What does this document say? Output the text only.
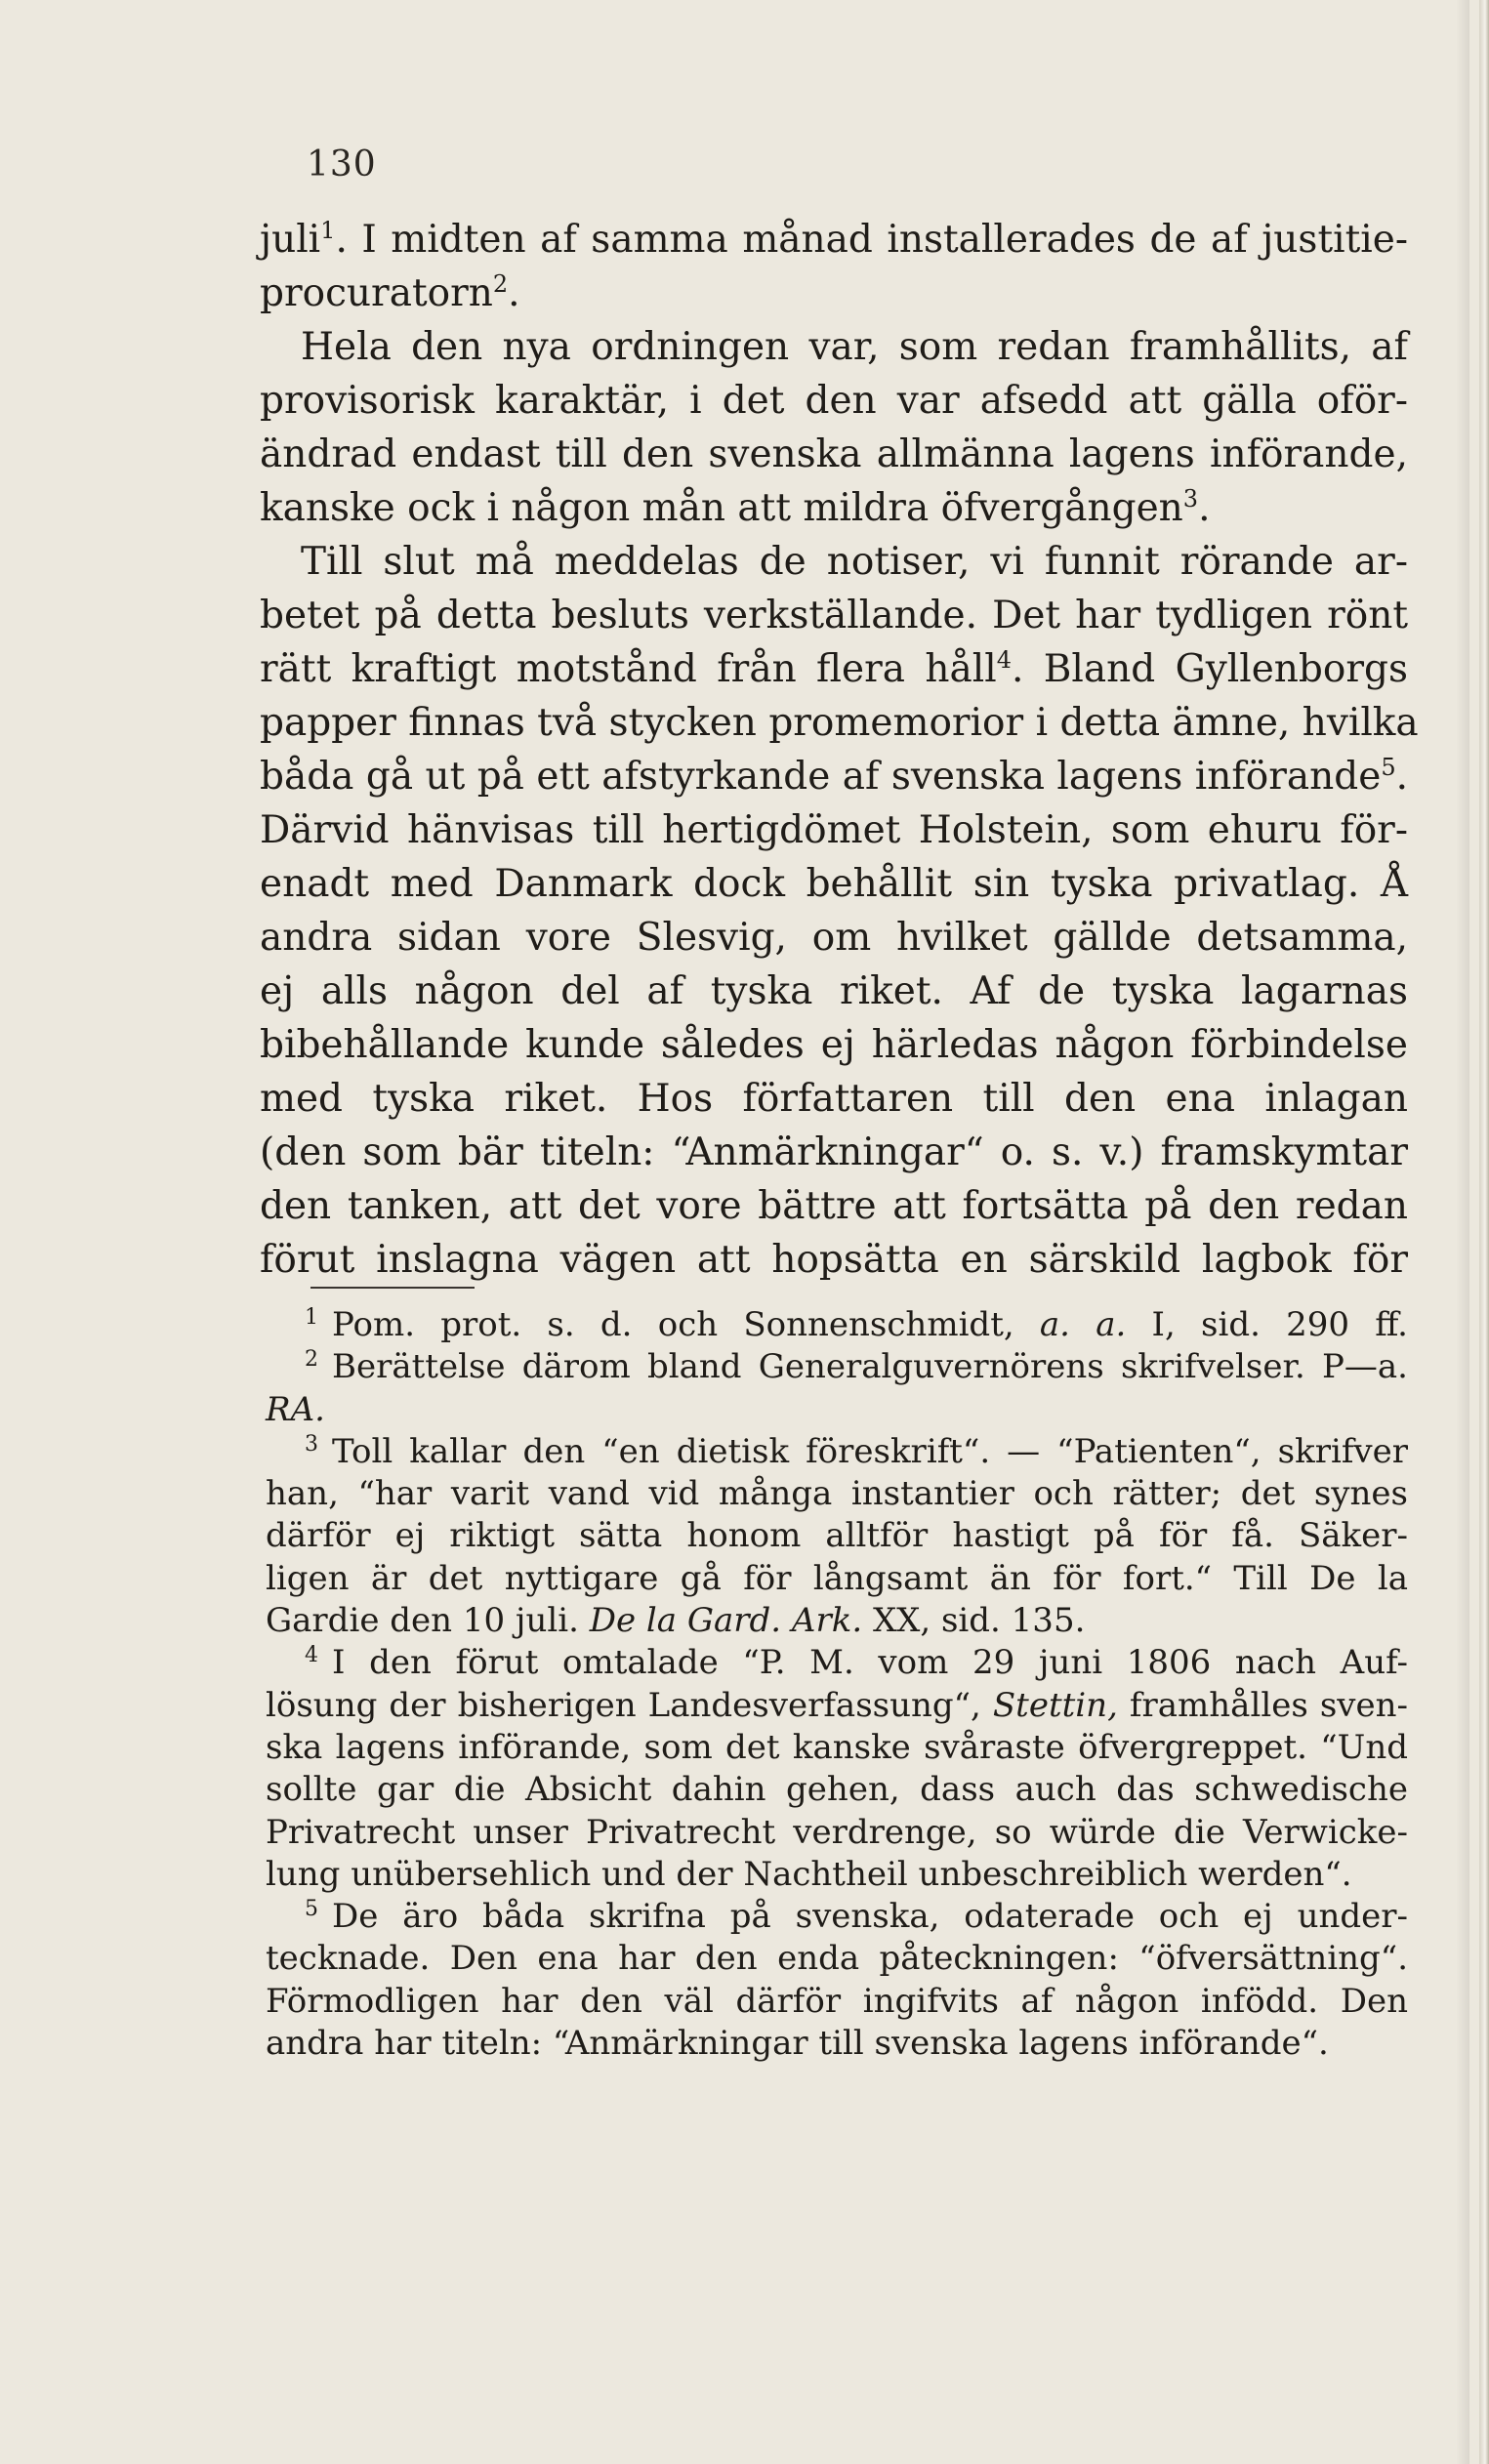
130
juli$^1$. I midten af samma månad installerades de af justitie-
procuratorn$^2$.
Hela den nya ordningen var, som redan framhållits, af
provisorisk karaktär, i det den var afsedd att gälla oför-
ändrad endast till den svenska allmänna lagens införande,
kanske ock i någon mån att mildra öfvergången$^3$.
Till slut må meddelas de notiser, vi funnit rörande ar-
betet på detta besluts verkställande. Det har tydligen rönt
rätt kraftigt motstånd från flera håll$^4$. Bland Gyllenborgs
papper finnas två stycken promemorior i detta ämne, hvilka
båda gå ut på ett afstyrkande af svenska lagens införande$^5$.
Därvid hänvisas till hertigdömet Holstein, som ehuru för-
enadt med Danmark dock behållit sin tyska privatlag. Å
andra sidan vore Slesvig, om hvilket gällde detsamma,
ej alls någon del af tyska riket. Af de tyska lagarnas
bibehållande kunde således ej härledas någon förbindelse
med tyska riket. Hos författaren till den ena inlagan
(den som bär titeln: “Anmärkningar“ o. s. v.) framskymtar
den tanken, att det vore bättre att fortsätta på den redan
förut inslagna vägen att hopsätta en särskild lagbok för
$^1$ Pom. prot. s. d. och Sonnenschmidt, a. a. I, sid. 290 ff.
$^2$ Berättelse därom bland Generalguvernörens skrifvelser. P—a.
RA.
$^3$ Toll kallar den “en dietisk föreskrift“. — “Patienten“, skrifver
han, “har varit vand vid många instantier och rätter; det synes
därför ej riktigt sätta honom alltför hastigt på för få. Säker-
ligen är det nyttigare gå för långsamt än för fort.“ Till De la
Gardie den 10 juli. De la Gard. Ark. XX, sid. 135.
$^4$ I den förut omtalade “P. M. vom 29 juni 1806 nach Auf-
lösung der bisherigen Landesverfassung“, Stettin, framhålles sven-
ska lagens införande, som det kanske svåraste öfvergreppet. “Und
sollte gar die Absicht dahin gehen, dass auch das schwedische
Privatrecht unser Privatrecht verdrenge, so würde die Verwicke-
lung unübersehlich und der Nachtheil unbeschreiblich werden“.
$^5$ De äro båda skrifna på svenska, odaterade och ej under-
tecknade. Den ena har den enda påteckningen: “öfversättning“.
Förmodligen har den väl därför ingifvits af någon infödd. Den
andra har titeln: “Anmärkningar till svenska lagens införande“.
